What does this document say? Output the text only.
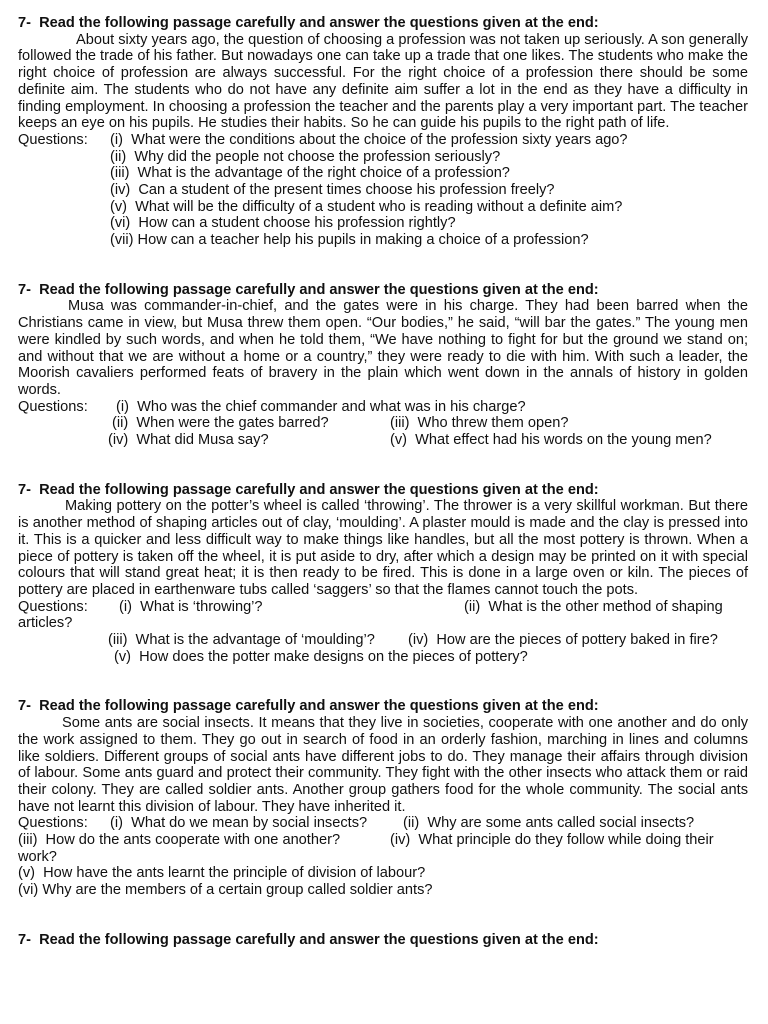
7-  Read the following passage carefully and answer the questions given at the end:
About sixty years ago, the question of choosing a profession was not taken up seriously. A son generally followed the trade of his father. But nowadays one can take up a trade that one likes. The students who make the right choice of profession are always successful. For the right choice of a profession there should be some definite aim. The students who do not have any definite aim suffer a lot in the end as they have a difficulty in finding employment. In choosing a profession the teacher and the parents play a very important part. The teacher keeps an eye on his pupils. He studies their habits. So he can guide his pupils to the right path of life.
Questions: (i)  What were the conditions about the choice of the profession sixty years ago?
(ii)  Why did the people not choose the profession seriously?
(iii)  What is the advantage of the right choice of a profession?
(iv)  Can a student of the present times choose his profession freely?
(v)  What will be the difficulty of a student who is reading without a definite aim?
(vi)  How can a student choose his profession rightly?
(vii) How can a teacher help his pupils in making a choice of a profession?
7-  Read the following passage carefully and answer the questions given at the end:
Musa was commander-in-chief, and the gates were in his charge. They had been barred when the Christians came in view, but Musa threw them open. “Our bodies,” he said, “will bar the gates.” The young men were kindled by such words, and when he told them, “We have nothing to fight for but the ground we stand on; and without that we are without a home or a country,” they were ready to die with him. With such a leader, the Moorish cavaliers performed feats of bravery in the plain which went down in the annals of history in golden words.
Questions: (i)  Who was the chief commander and what was in his charge?
(ii)  When were the gates barred?	(iii)  Who threw them open?
(iv)  What did Musa say?	(v)  What effect had his words on the young men?
7-  Read the following passage carefully and answer the questions given at the end:
Making pottery on the potter’s wheel is called ‘throwing’. The thrower is a very skillful workman. But there is another method of shaping articles out of clay, ‘moulding’. A plaster mould is made and the clay is pressed into it. This is a quicker and less difficult way to make things like handles, but all the most pottery is thrown. When a piece of pottery is taken off the wheel, it is put aside to dry, after which a design may be printed on it with special colours that will stand great heat; it is then ready to be fired. This is done in a large oven or kiln. The pieces of pottery are placed in earthenware tubs called ‘saggers’ so that the flames cannot touch the pots.
Questions: (i)  What is ‘throwing’?	(ii)  What is the other method of shaping
articles?
(iii)  What is the advantage of ‘moulding’? (iv)  How are the pieces of pottery baked in fire?
(v)  How does the potter make designs on the pieces of pottery?
7-  Read the following passage carefully and answer the questions given at the end:
Some ants are social insects. It means that they live in societies, cooperate with one another and do only the work assigned to them. They go out in search of food in an orderly fashion, marching in lines and columns like soldiers. Different groups of social ants have different jobs to do. They manage their affairs through division of labour. Some ants guard and protect their community. They fight with the other insects who attack them or raid their colony. They are called soldier ants. Another group gathers food for the whole community. The social ants have not learnt this division of labour. They have inherited it.
Questions: (i)  What do we mean by social insects? (ii)  Why are some ants called social insects?
(iii)  How do the ants cooperate with one another?	(iv)  What principle do they follow while doing their
work?
(v)  How have the ants learnt the principle of division of labour?
(vi) Why are the members of a certain group called soldier ants?
7-  Read the following passage carefully and answer the questions given at the end:
